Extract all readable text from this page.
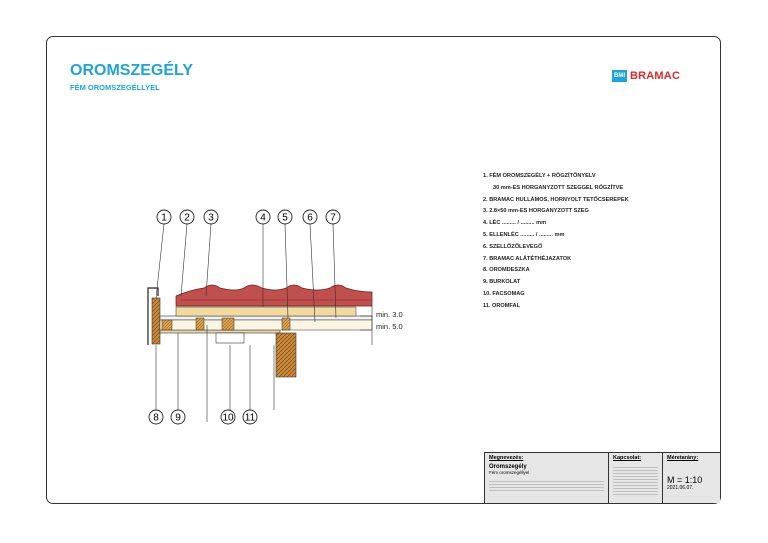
OROMSZEGÉLY
FÉM OROMSZEGÉLLYEL
BMI BRAMAC
1 2 3	4 5 6 7
8 9	10 11
min. 3.0
min. 5.0
1. FÉM OROMSZEGÉLY + RÖGZÍTŐNYELV
30 mm-ES HORGANYZOTT SZEGGEL RÖGZÍTVE
2. BRAMAC HULLÁMOS, HORNYOLT TETŐCSEREPEK
3. 2.8×50 mm-ES HORGANYZOTT SZEG
4. LÉC ......... / ......... mm
5. ELLENLÉC ......... / ......... mm
6. SZELLŐZŐLEVEGŐ
7. BRAMAC ALÁTÉTHÉJAZATOK
8. OROMDESZKA
9. BURKOLAT
10. FACSOMAG
11. OROMFAL
Megnevezés:
Oromszegély
Fém oromszegéllyel
Kapcsolat:	Méretarány:
M = 1:10
2021.06.07.
